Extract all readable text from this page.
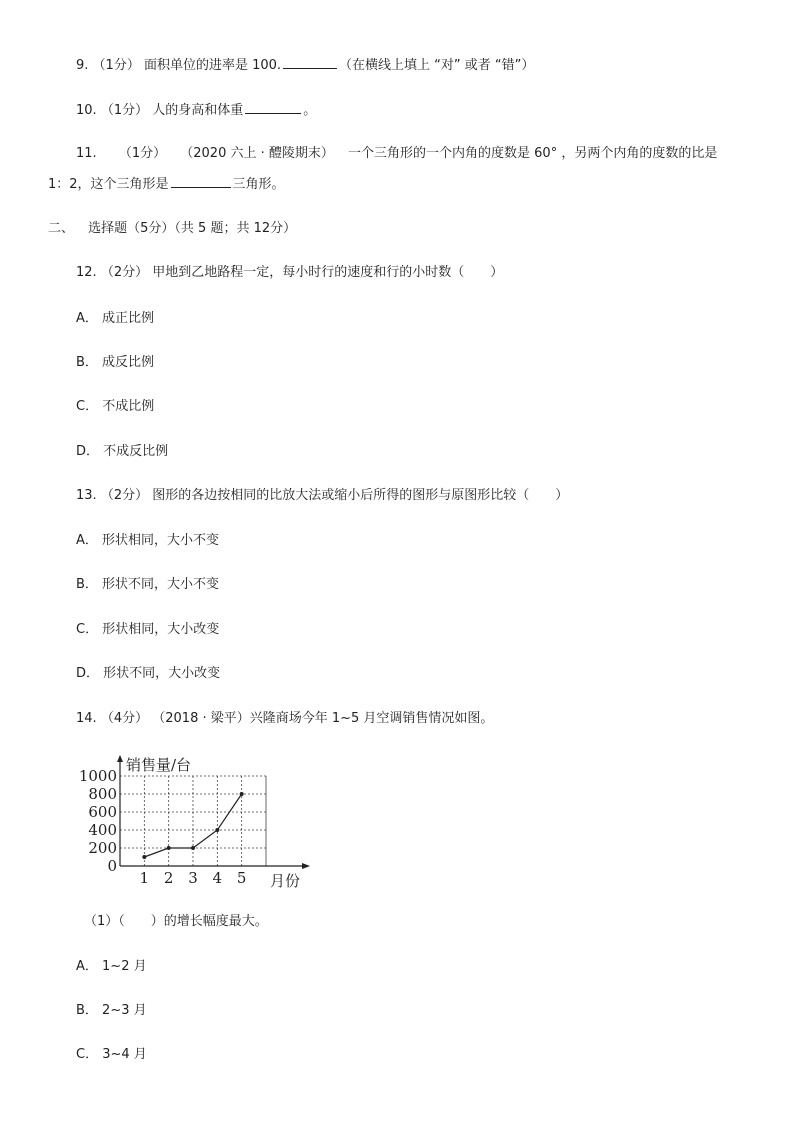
9. （1分） 面积单位的进率是 100.	（在横线上填上 “对” 或者 “错”）
10. （1分） 人的身高和体重	。
11. （1分） （2020 六上 · 醴陵期末） 一个三角形的一个内角的度数是 60° ，另两个内角的度数的比是
1：2，这个三角形是	三角形。
二、 选择题（5分）（共 5 题；共 12分）
12. （2分） 甲地到乙地路程一定，每小时行的速度和行的小时数（　　）
A． 成正比例
B． 成反比例
C． 不成比例
D． 不成反比例
13. （2分） 图形的各边按相同的比放大法或缩小后所得的图形与原图形比较（　　）
A． 形状相同，大小不变
B． 形状不同，大小不变
C． 形状相同，大小改变
D． 形状不同，大小改变
14. （4分） （2018 · 梁平）兴隆商场今年 1~5 月空调销售情况如图。
0
200
400
600
800
1000
1 2 3 4 5
销售量/台
月份
（1）（　　）的增长幅度最大。
A． 1~2 月
B． 2~3 月
C． 3~4 月
